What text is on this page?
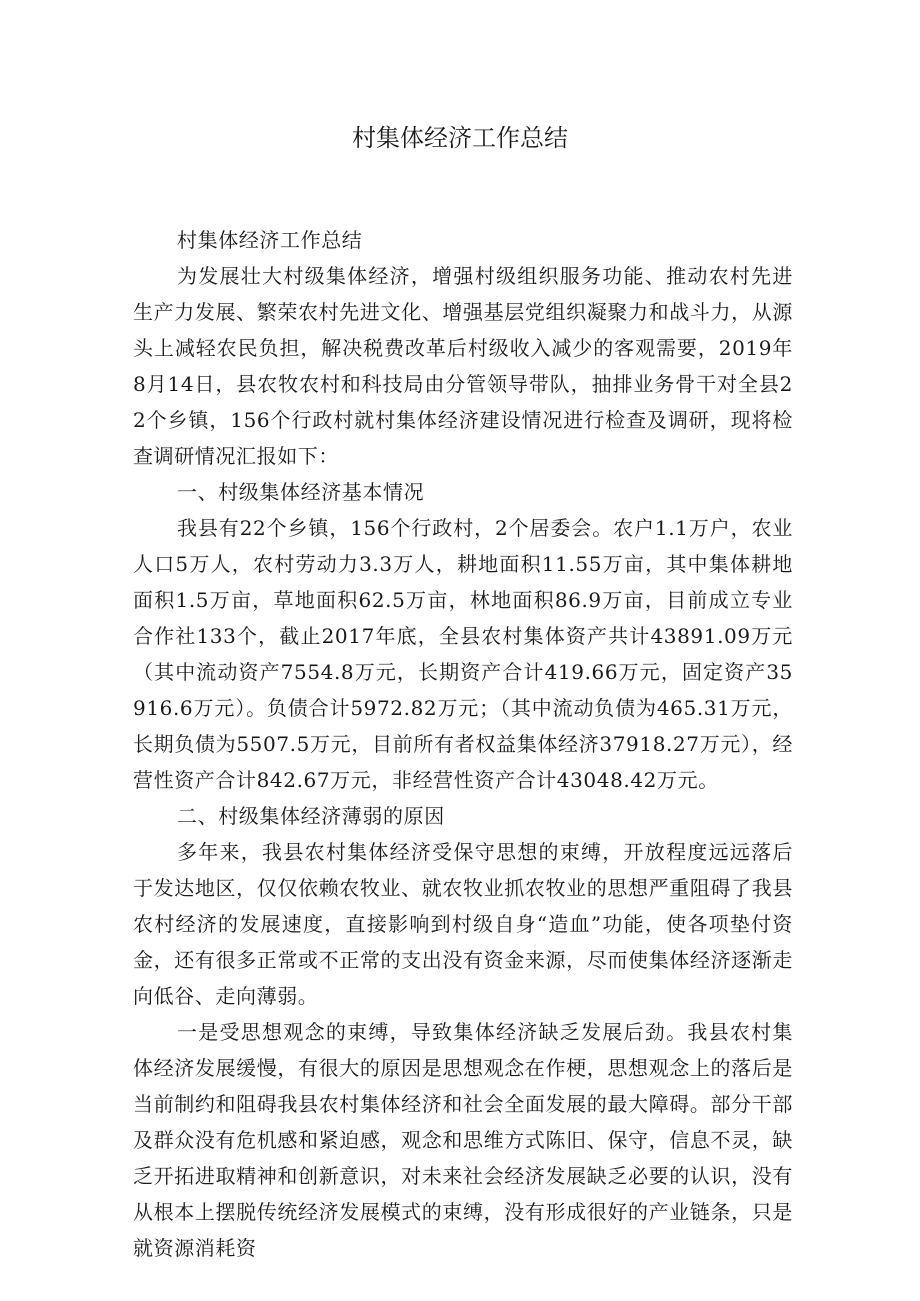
村集体经济工作总结

村集体经济工作总结

为发展壮大村级集体经济，增强村级组织服务功能、推动农村先进生产力发展、繁荣农村先进文化、增强基层党组织凝聚力和战斗力，从源头上减轻农民负担，解决税费改革后村级收入减少的客观需要，2019年8月14日，县农牧农村和科技局由分管领导带队，抽排业务骨干对全县22个乡镇，156个行政村就村集体经济建设情况进行检查及调研，现将检查调研情况汇报如下：

一、村级集体经济基本情况

我县有22个乡镇，156个行政村，2个居委会。农户1.1万户，农业人口5万人，农村劳动力3.3万人，耕地面积11.55万亩，其中集体耕地面积1.5万亩，草地面积62.5万亩，林地面积86.9万亩，目前成立专业合作社133个，截止2017年底，全县农村集体资产共计43891.09万元（其中流动资产7554.8万元，长期资产合计419.66万元，固定资产35916.6万元）。负债合计5972.82万元；（其中流动负债为465.31万元，长期负债为5507.5万元，目前所有者权益集体经济37918.27万元），经营性资产合计842.67万元，非经营性资产合计43048.42万元。

二、村级集体经济薄弱的原因

多年来，我县农村集体经济受保守思想的束缚，开放程度远远落后于发达地区，仅仅依赖农牧业、就农牧业抓农牧业的思想严重阻碍了我县农村经济的发展速度，直接影响到村级自身“造血”功能，使各项垫付资金，还有很多正常或不正常的支出没有资金来源，尽而使集体经济逐渐走向低谷、走向薄弱。

一是受思想观念的束缚，导致集体经济缺乏发展后劲。我县农村集体经济发展缓慢，有很大的原因是思想观念在作梗，思想观念上的落后是当前制约和阻碍我县农村集体经济和社会全面发展的最大障碍。部分干部及群众没有危机感和紧迫感，观念和思维方式陈旧、保守，信息不灵，缺乏开拓进取精神和创新意识，对未来社会经济发展缺乏必要的认识，没有从根本上摆脱传统经济发展模式的束缚，没有形成很好的产业链条，只是就资源消耗资
